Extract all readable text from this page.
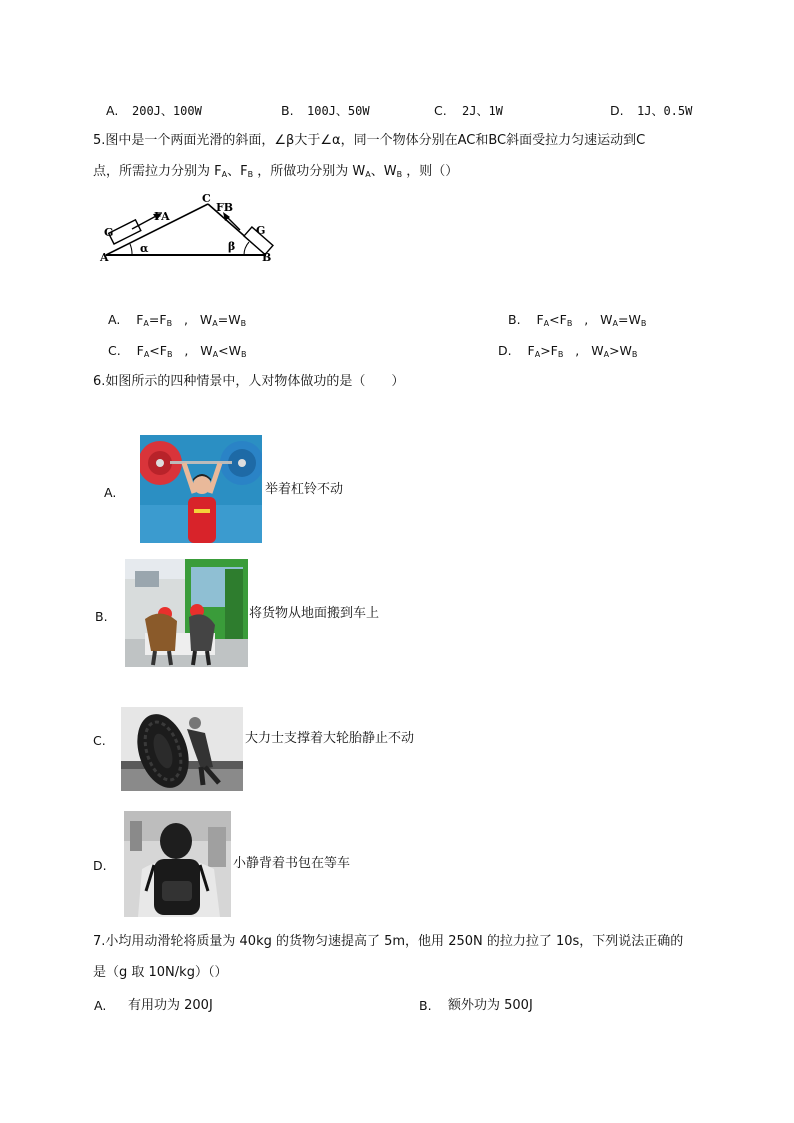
A. 200J、100W	B. 100J、50W	C. 2J、1W	D. 1J、0.5W
5.图中是一个两面光滑的斜面，∠β大于∠α，同一个物体分别在AC和BC斜面受拉力匀速运动到C
点，所需拉力分别为 $F_A$、$F_B$ ，所做功分别为 $W_A$、$W_B$ ，则（）
A	B
C
α	β
FA
FB
G	G
A. $F_A=F_B$   ,   $W_A=W_B$	B. $F_A<F_B$   ,   $W_A=W_B$
C. $F_A<F_B$   ,   $W_A<W_B$	D. $F_A>F_B$   ,   $W_A>W_B$
6.如图所示的四种情景中，人对物体做功的是（　　）
A.	举着杠铃不动
B.	将货物从地面搬到车上
C.	大力士支撑着大轮胎静止不动
D.	小静背着书包在等车
7.小均用动滑轮将质量为 40kg 的货物匀速提高了 5m，他用 250N 的拉力拉了 10s，下列说法正确的
是（g 取 10N/kg）（）
A. 有用功为 200J	B. 额外功为 500J
